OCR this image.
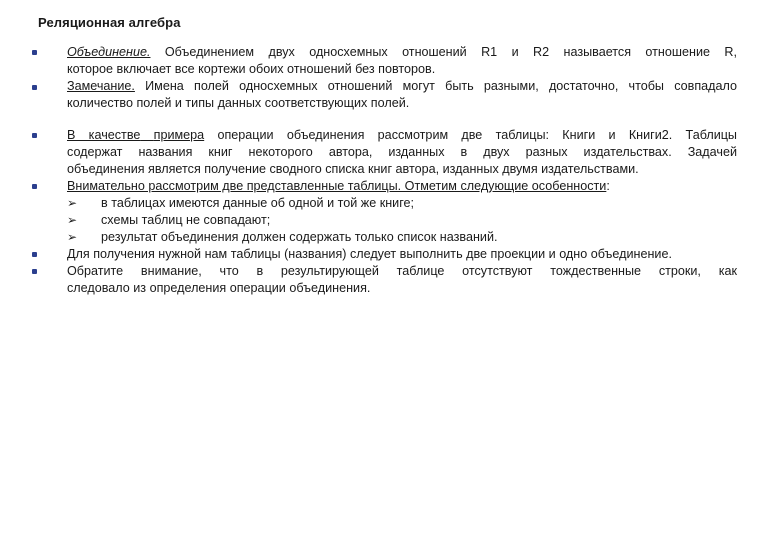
Реляционная алгебра
Объединение. Объединением двух односхемных отношений R1 и R2 называется отношение R,
которое включает все кортежи обоих отношений без повторов.
Замечание. Имена полей односхемных отношений могут быть разными, достаточно, чтобы совпадало
количество полей и типы данных соответствующих полей.
В качестве примера операции объединения рассмотрим две таблицы: Книги и Книги2. Таблицы
содержат названия книг некоторого автора, изданных в двух разных издательствах. Задачей
объединения является получение сводного списка книг автора, изданных двумя издательствами.
Внимательно рассмотрим две представленные таблицы. Отметим следующие особенности:
➢ в таблицах имеются данные об одной и той же книге;
➢ схемы таблиц не совпадают;
➢ результат объединения должен содержать только список названий.
Для получения нужной нам таблицы (названия) следует выполнить две проекции и одно объединение.
Обратите внимание, что в результирующей таблице отсутствуют тождественные строки, как
следовало из определения операции объединения.
